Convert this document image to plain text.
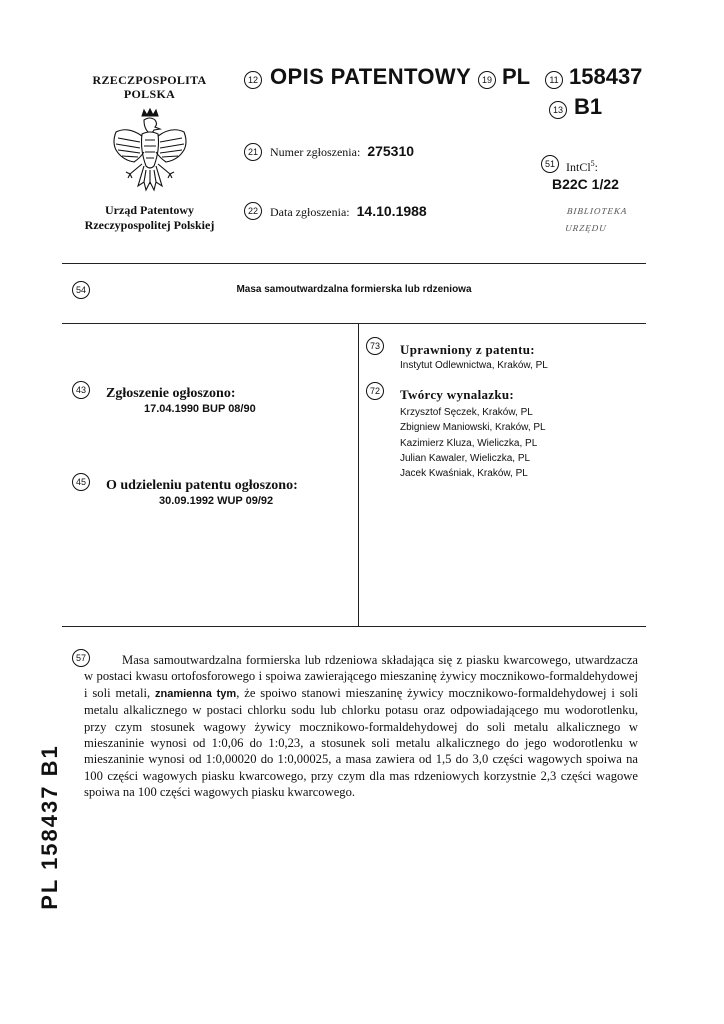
RZECZPOSPOLITA
POLSKA
Urząd Patentowy
Rzeczypospolitej Polskiej
12 OPIS PATENTOWY	19 PL	11 158437
13 B1
21	Numer zgłoszenia: 275310
22	Data zgłoszenia: 14.10.1988
51 IntCl$^5$:
B22C 1/22
BIBLIOTEKA
URZĘDU
54	Masa samoutwardzalna formierska lub rdzeniowa
43 Zgłoszenie ogłoszono:
17.04.1990 BUP 08/90
45 O udzieleniu patentu ogłoszono:
30.09.1992 WUP 09/92
73	Uprawniony z patentu:
Instytut Odlewnictwa, Kraków, PL
72	Twórcy wynalazku:
Krzysztof Sęczek, Kraków, PL
Zbigniew Maniowski, Kraków, PL
Kazimierz Kluza, Wieliczka, PL
Julian Kawaler, Wieliczka, PL
Jacek Kwaśniak, Kraków, PL
57	Masa samoutwardzalna formierska lub rdzeniowa składająca się z piasku kwarcowego, utwardzacza w postaci kwasu ortofosforowego i spoiwa zawierającego mieszaninę żywicy mocznikowo-formaldehydowej i soli metali, znamienna tym, że spoiwo stanowi mieszaninę żywicy mocznikowo-formaldehydowej i soli metalu alkalicznego w postaci chlorku sodu lub chlorku potasu oraz odpowiadającego mu wodorotlenku, przy czym stosunek wagowy żywicy mocznikowo-formaldehydowej do soli metalu alkalicznego w mieszaninie wynosi od 1:0,06 do 1:0,23, a stosunek soli metalu alkalicznego do jego wodorotlenku w mieszaninie wynosi od 1:0,00020 do 1:0,00025, a masa zawiera od 1,5 do 3,0 części wagowych spoiwa na 100 części wagowych piasku kwarcowego, przy czym dla mas rdzeniowych korzystnie 2,3 części wagowe spoiwa na 100 części wagowych piasku kwarcowego.
PL 158437 B1
